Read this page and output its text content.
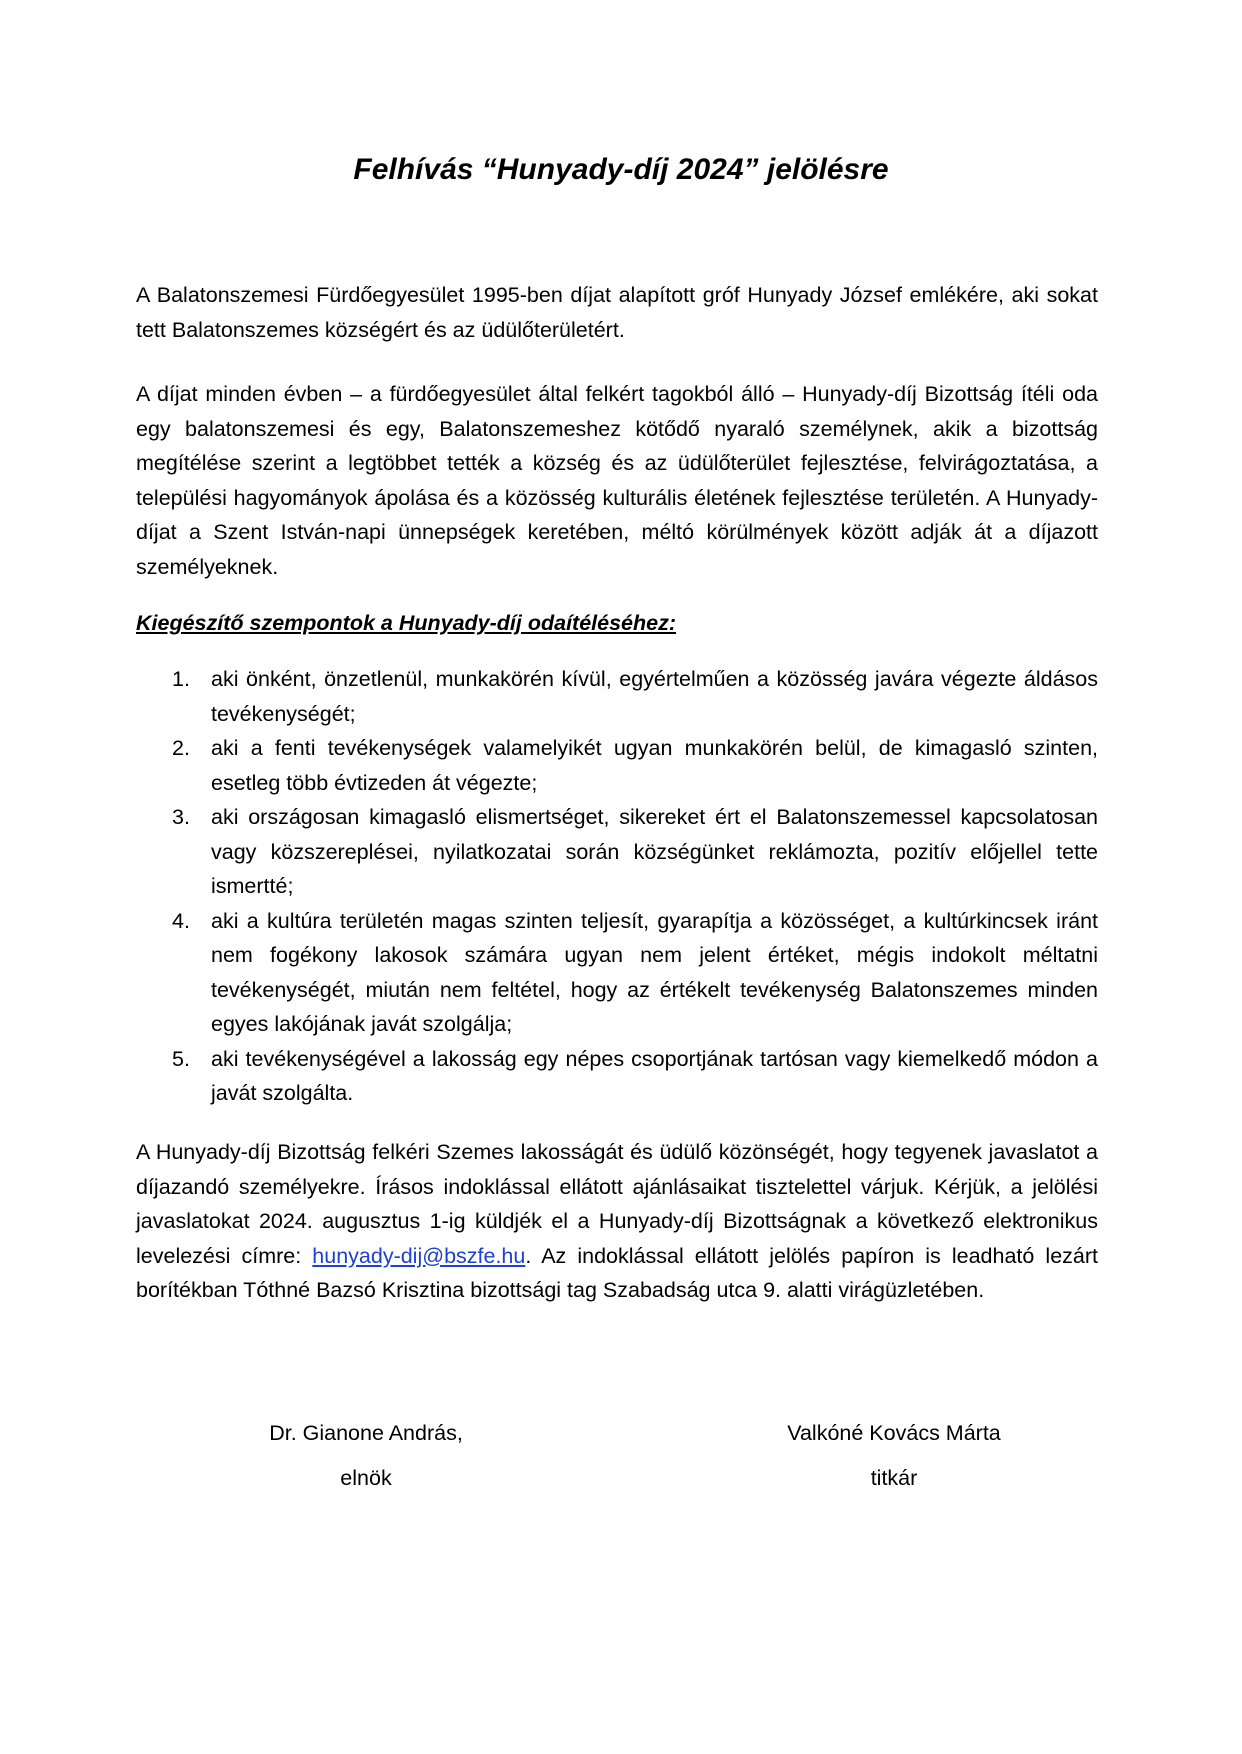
Felhívás “Hunyady-díj 2024” jelölésre

A Balatonszemesi Fürdőegyesület 1995-ben díjat alapított gróf Hunyady József emlékére, aki sokat tett Balatonszemes községért és az üdülőterületért.

A díjat minden évben – a fürdőegyesület által felkért tagokból álló – Hunyady-díj Bizottság ítéli oda egy balatonszemesi és egy, Balatonszemeshez kötődő nyaraló személynek, akik a bizottság megítélése szerint a legtöbbet tették a község és az üdülőterület fejlesztése, felvirágoztatása, a települési hagyományok ápolása és a közösség kulturális életének fejlesztése területén. A Hunyady-díjat a Szent István-napi ünnepségek keretében, méltó körülmények között adják át a díjazott személyeknek.

Kiegészítő szempontok a Hunyady-díj odaítéléséhez:

1. aki önként, önzetlenül, munkakörén kívül, egyértelműen a közösség javára végezte áldásos tevékenységét;
2. aki a fenti tevékenységek valamelyikét ugyan munkakörén belül, de kimagasló szinten, esetleg több évtizeden át végezte;
3. aki országosan kimagasló elismertséget, sikereket ért el Balatonszemessel kapcsolatosan vagy közszereplései, nyilatkozatai során községünket reklámozta, pozitív előjellel tette ismertté;
4. aki a kultúra területén magas szinten teljesít, gyarapítja a közösséget, a kultúrkincsek iránt nem fogékony lakosok számára ugyan nem jelent értéket, mégis indokolt méltatni tevékenységét, miután nem feltétel, hogy az értékelt tevékenység Balatonszemes minden egyes lakójának javát szolgálja;
5. aki tevékenységével a lakosság egy népes csoportjának tartósan vagy kiemelkedő módon a javát szolgálta.

A Hunyady-díj Bizottság felkéri Szemes lakosságát és üdülő közönségét, hogy tegyenek javaslatot a díjazandó személyekre. Írásos indoklással ellátott ajánlásaikat tisztelettel várjuk. Kérjük, a jelölési javaslatokat 2024. augusztus 1-ig küldjék el a Hunyady-díj Bizottságnak a következő elektronikus levelezési címre: hunyady-dij@bszfe.hu. Az indoklással ellátott jelölés papíron is leadható lezárt borítékban Tóthné Bazsó Krisztina bizottsági tag Szabadság utca 9. alatti virágüzletében.

Dr. Gianone András,
elnök
Valkóné Kovács Márta
titkár
